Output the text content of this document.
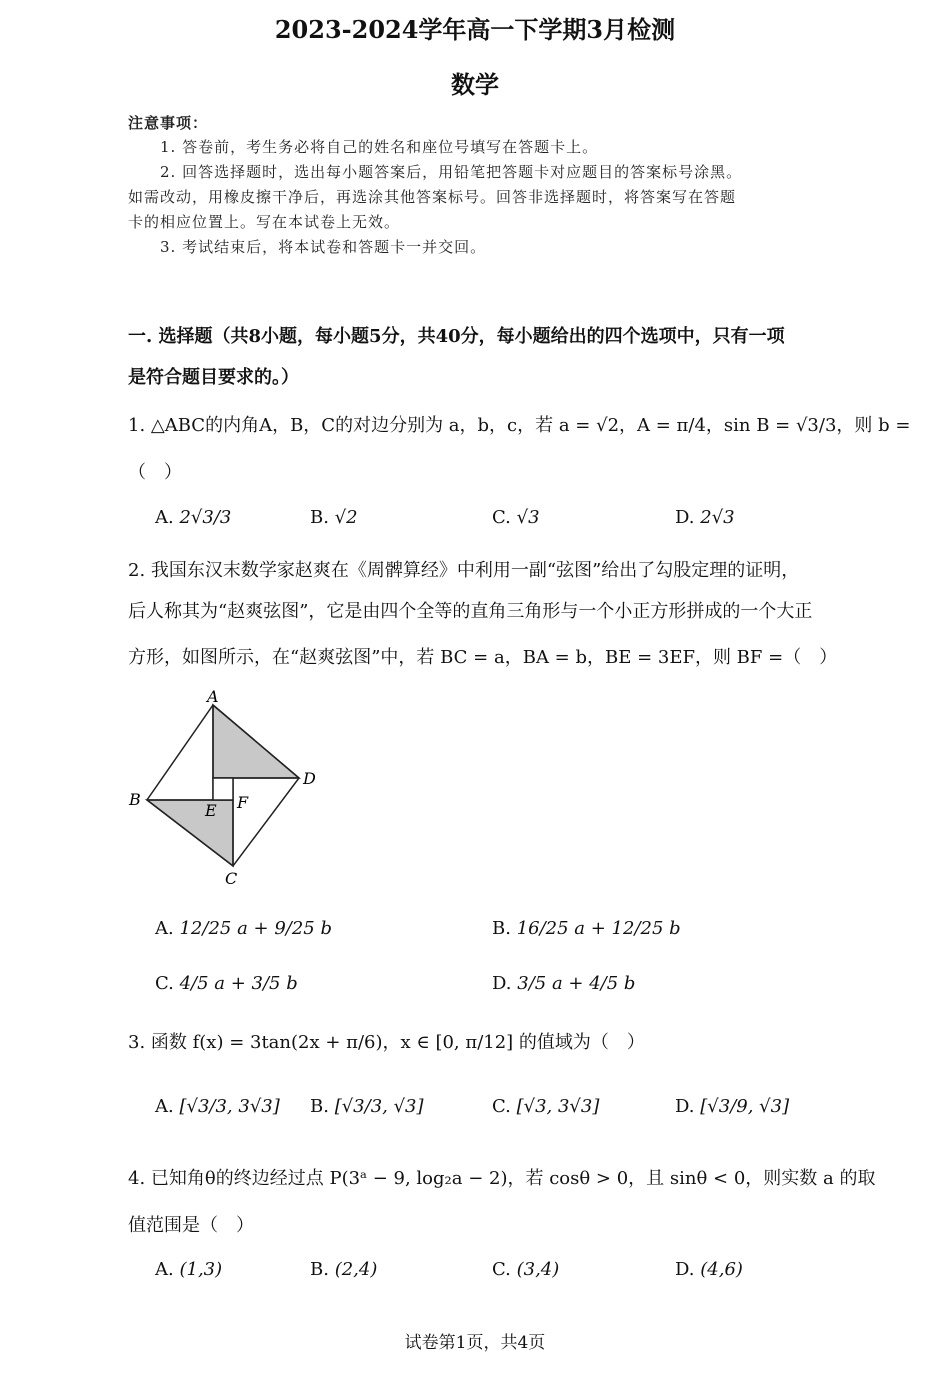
2023-2024学年高一下学期3月检测
数学
注意事项：
1. 答卷前，考生务必将自己的姓名和座位号填写在答题卡上。
2. 回答选择题时，选出每小题答案后，用铅笔把答题卡对应题目的答案标号涂黑。
如需改动，用橡皮擦干净后，再选涂其他答案标号。回答非选择题时，将答案写在答题
卡的相应位置上。写在本试卷上无效。
3. 考试结束后，将本试卷和答题卡一并交回。
一. 选择题（共8小题，每小题5分，共40分，每小题给出的四个选项中，只有一项
是符合题目要求的。）
1. △ABC的内角A，B，C的对边分别为 a，b，c，若 a = √2，A = π/4，sin B = √3/3，则 b =
（　）
A. 2√3/3	B. √2	C. √3	D. 2√3
2. 我国东汉末数学家赵爽在《周髀算经》中利用一副“弦图”给出了勾股定理的证明，
后人称其为“赵爽弦图”，它是由四个全等的直角三角形与一个小正方形拼成的一个大正
方形，如图所示，在“赵爽弦图”中，若 BC = a，BA = b，BE = 3EF，则 BF =（　）
A
B
C
D
E F
A. 12/25 a + 9/25 b	B. 16/25 a + 12/25 b
C. 4/5 a + 3/5 b	D. 3/5 a + 4/5 b
3. 函数 f(x) = 3tan(2x + π/6)，x ∈ [0, π/12] 的值域为（　）
A. [√3/3, 3√3] B. [√3/3, √3]	C. [√3, 3√3]	D. [√3/9, √3]
4. 已知角θ的终边经过点 P(3ᵃ − 9, log₂a − 2)，若 cosθ > 0，且 sinθ < 0，则实数 a 的取
值范围是（　）
A. (1,3)	B. (2,4)	C. (3,4)	D. (4,6)
试卷第1页，共4页
